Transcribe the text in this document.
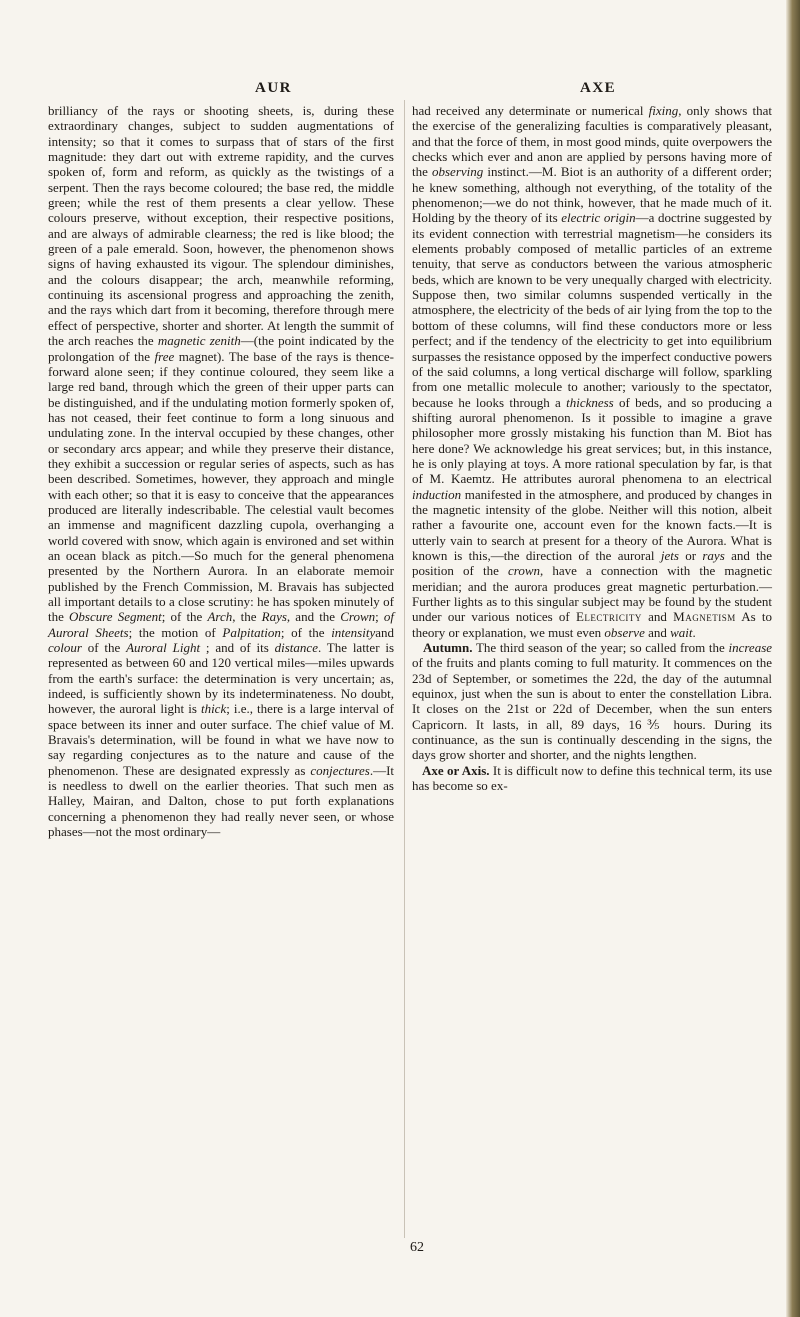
AUR	AXE

brilliancy of the rays or shooting sheets, is, during these extraordinary changes, subject to sudden augmentations of intensity; so that it comes to surpass that of stars of the first magnitude: they dart out with extreme rapidity, and the curves spoken of, form and reform, as quickly as the twistings of a serpent. Then the rays become coloured; the base red, the middle green; while the rest of them presents a clear yellow. These colours preserve, without exception, their respective positions, and are always of admirable clearness; the red is like blood; the green of a pale emerald. Soon, however, the phenomenon shows signs of having exhausted its vigour. The splendour diminishes, and the colours disappear; the arch, meanwhile reforming, continuing its ascensional progress and approaching the zenith, and the rays which dart from it becoming, therefore through mere effect of perspective, shorter and shorter. At length the summit of the arch reaches the magnetic zenith—(the point indicated by the prolongation of the free magnet). The base of the rays is thence-forward alone seen; if they continue coloured, they seem like a large red band, through which the green of their upper parts can be distinguished, and if the undulating motion formerly spoken of, has not ceased, their feet continue to form a long sinuous and undulating zone. In the interval occupied by these changes, other or secondary arcs appear; and while they preserve their distance, they exhibit a succession or regular series of aspects, such as has been described. Sometimes, however, they approach and mingle with each other; so that it is easy to conceive that the appearances produced are literally indescribable. The celestial vault becomes an immense and magnificent dazzling cupola, overhanging a world covered with snow, which again is environed and set within an ocean black as pitch.—So much for the general phenomena presented by the Northern Aurora. In an elaborate memoir published by the French Commission, M. Bravais has subjected all important details to a close scrutiny: he has spoken minutely of the Obscure Segment; of the Arch, the Rays, and the Crown; of Auroral Sheets; the motion of Palpitation; of the intensityand colour of the Auroral Light ; and of its distance. The latter is represented as between 60 and 120 vertical miles—miles upwards from the earth's surface: the determination is very uncertain; as, indeed, is sufficiently shown by its indeterminateness. No doubt, however, the auroral light is thick; i.e., there is a large interval of space between its inner and outer surface. The chief value of M. Bravais's determination, will be found in what we have now to say regarding conjectures as to the nature and cause of the phenomenon. These are designated expressly as conjectures.—It is needless to dwell on the earlier theories. That such men as Halley, Mairan, and Dalton, chose to put forth explanations concerning a phenomenon they had really never seen, or whose phases—not the most ordinary—

had received any determinate or numerical fixing, only shows that the exercise of the generalizing faculties is comparatively pleasant, and that the force of them, in most good minds, quite overpowers the checks which ever and anon are applied by persons having more of the observing instinct.—M. Biot is an authority of a different order; he knew something, although not everything, of the totality of the phenomenon;—we do not think, however, that he made much of it. Holding by the theory of its electric origin—a doctrine suggested by its evident connection with terrestrial magnetism—he considers its elements probably composed of metallic particles of an extreme tenuity, that serve as conductors between the various atmospheric beds, which are known to be very unequally charged with electricity. Suppose then, two similar columns suspended vertically in the atmosphere, the electricity of the beds of air lying from the top to the bottom of these columns, will find these conductors more or less perfect; and if the tendency of the electricity to get into equilibrium surpasses the resistance opposed by the imperfect conductive powers of the said columns, a long vertical discharge will follow, sparkling from one metallic molecule to another; variously to the spectator, because he looks through a thickness of beds, and so producing a shifting auroral phenomenon. Is it possible to imagine a grave philosopher more grossly mistaking his function than M. Biot has here done? We acknowledge his great services; but, in this instance, he is only playing at toys. A more rational speculation by far, is that of M. Kaemtz. He attributes auroral phenomena to an electrical induction manifested in the atmosphere, and produced by changes in the magnetic intensity of the globe. Neither will this notion, albeit rather a favourite one, account even for the known facts.—It is utterly vain to search at present for a theory of the Aurora. What is known is this,—the direction of the auroral jets or rays and the position of the crown, have a connection with the magnetic meridian; and the aurora produces great magnetic perturbation.—Further lights as to this singular subject may be found by the student under our various notices of Electricity and Magnetism As to theory or explanation, we must even observe and wait.
Autumn. The third season of the year; so called from the increase of the fruits and plants coming to full maturity. It commences on the 23d of September, or sometimes the 22d, the day of the autumnal equinox, just when the sun is about to enter the constellation Libra. It closes on the 21st or 22d of December, when the sun enters Capricorn. It lasts, in all, 89 days, 16⅗ hours. During its continuance, as the sun is continually descending in the signs, the days grow shorter and shorter, and the nights lengthen.
Axe or Axis. It is difficult now to define this technical term, its use has become so ex-

62
